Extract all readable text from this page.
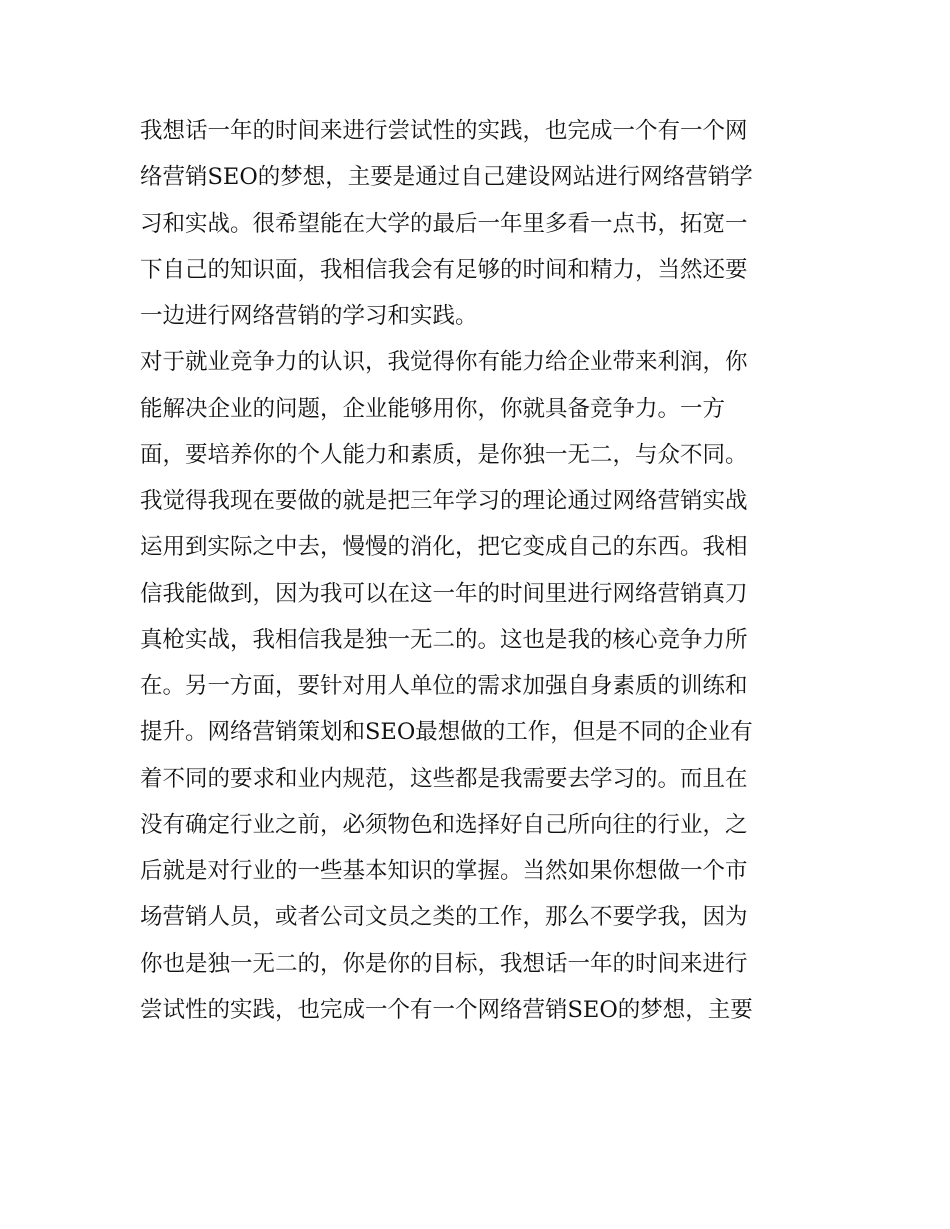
我想话一年的时间来进行尝试性的实践，也完成一个有一个网
络营销SEO的梦想，主要是通过自己建设网站进行网络营销学
习和实战。很希望能在大学的最后一年里多看一点书，拓宽一
下自己的知识面，我相信我会有足够的时间和精力，当然还要
一边进行网络营销的学习和实践。
对于就业竞争力的认识，我觉得你有能力给企业带来利润，你
能解决企业的问题，企业能够用你，你就具备竞争力。一方
面，要培养你的个人能力和素质，是你独一无二，与众不同。
我觉得我现在要做的就是把三年学习的理论通过网络营销实战
运用到实际之中去，慢慢的消化，把它变成自己的东西。我相
信我能做到，因为我可以在这一年的时间里进行网络营销真刀
真枪实战，我相信我是独一无二的。这也是我的核心竞争力所
在。另一方面，要针对用人单位的需求加强自身素质的训练和
提升。网络营销策划和SEO最想做的工作，但是不同的企业有
着不同的要求和业内规范，这些都是我需要去学习的。而且在
没有确定行业之前，必须物色和选择好自己所向往的行业，之
后就是对行业的一些基本知识的掌握。当然如果你想做一个市
场营销人员，或者公司文员之类的工作，那么不要学我，因为
你也是独一无二的，你是你的目标，我想话一年的时间来进行
尝试性的实践，也完成一个有一个网络营销SEO的梦想，主要
